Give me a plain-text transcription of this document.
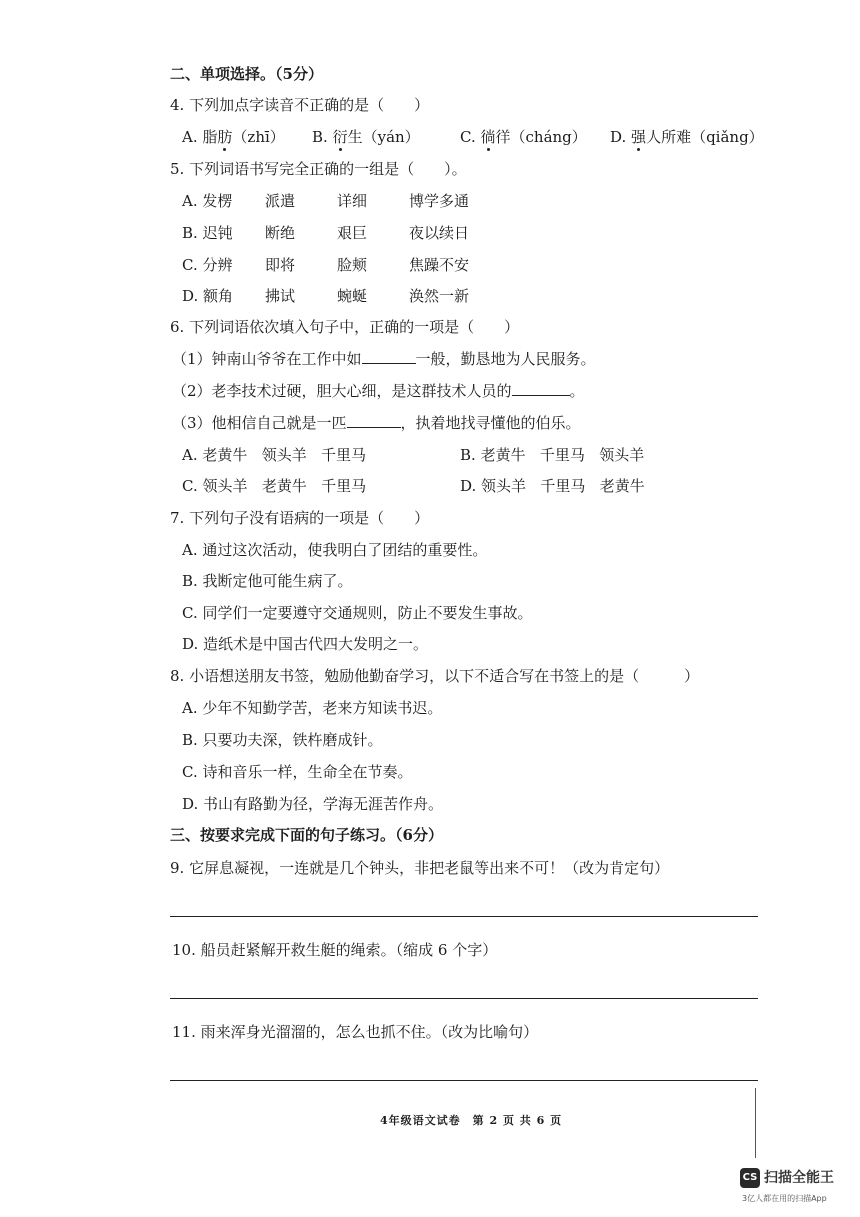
二、单项选择。（5分）
4. 下列加点字读音不正确的是（　　）
A. 脂肪（zhī） B. 衍生（yán）	C. 徜徉（cháng） D. 强人所难（qiǎng）
5. 下列词语书写完全正确的一组是（　　）。
A. 发楞 派遣	详细	博学多通
B. 迟钝 断绝	艰巨	夜以续日
C. 分辨 即将	脸颊	焦躁不安
D. 额角 拂试	蜿蜒	涣然一新
6. 下列词语依次填入句子中，正确的一项是（　　）
（1）钟南山爷爷在工作中如	一般，勤恳地为人民服务。
（2）老李技术过硬，胆大心细，是这群技术人员的	。
（3）他相信自己就是一匹	，执着地找寻懂他的伯乐。
A. 老黄牛 领头羊 千里马	B. 老黄牛 千里马 领头羊
C. 领头羊 老黄牛 千里马	D. 领头羊 千里马 老黄牛
7. 下列句子没有语病的一项是（　　）
A. 通过这次活动，使我明白了团结的重要性。
B. 我断定他可能生病了。
C. 同学们一定要遵守交通规则，防止不要发生事故。
D. 造纸术是中国古代四大发明之一。
8. 小语想送朋友书签，勉励他勤奋学习，以下不适合写在书签上的是（　　　）
A. 少年不知勤学苦，老来方知读书迟。
B. 只要功夫深，铁杵磨成针。
C. 诗和音乐一样，生命全在节奏。
D. 书山有路勤为径，学海无涯苦作舟。
三、按要求完成下面的句子练习。（6分）
9. 它屏息凝视，一连就是几个钟头，非把老鼠等出来不可！（改为肯定句）
10. 船员赶紧解开救生艇的绳索。（缩成 6 个字）
11. 雨来浑身光溜溜的，怎么也抓不住。（改为比喻句）
4年级语文试卷　第 2 页 共 6 页
CS 扫描全能王
3亿人都在用的扫描App
